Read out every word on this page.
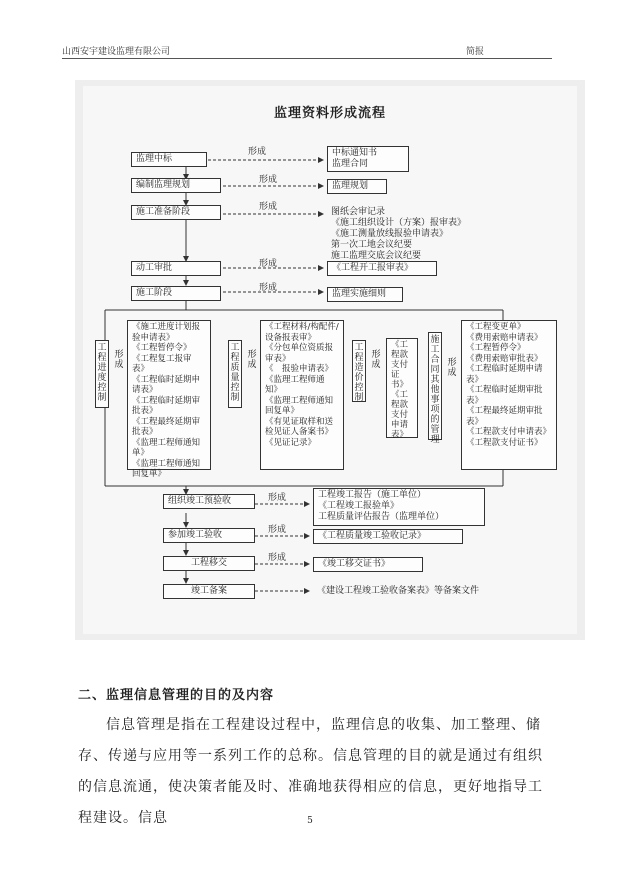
山西安宇建设监理有限公司	简报
监理资料形成流程
监理中标
形成	中标通知书
监理合同
编制监理规划	形成
监理规划
施工准备阶段	形成	图纸会审记录
《施工组织设计（方案）报审表》
《施工测量放线报验申请表》
第一次工地会议纪要
施工监理交底会议纪要
动工审批	形成	《工程开工报审表》
施工阶段	形成
监理实施细则
工程进度控制
形成
《施工进度计划报验申请表》
《工程暂停令》
《工程复工报审表》
《工程临时延期申请表》
《工程临时延期审批表》
《工程最终延期审批表》
《监理工程师通知单》
《监理工程师通知回复单》
工程质量控制
形成
《工程材料/构配件/设备报表审》
《分包单位资质报审表》
《　报验申请表》
《监理工程师通知》
《监理工程师通知回复单》
《有见证取样和送检见证人备案书》
《见证记录》
工程造价控制
形成
《工程款支付证书》
《工程款支付申请表》
施工合同其他事项的管理
形成
《工程变更单》
《费用索赔申请表》
《工程暂停令》
《费用索赔审批表》
《工程临时延期申请表》
《工程临时延期审批表》
《工程最终延期审批表》
《工程款支付申请表》
《工程款支付证书》
组织竣工预验收	形成	工程竣工报告（施工单位）
《工程竣工报验单》
工程质量评估报告（监理单位）
参加竣工验收	形成
《工程质量竣工验收记录》
工程移交	形成
《竣工移交证书》
竣工备案	《建设工程竣工验收备案表》等备案文件
二、监理信息管理的目的及内容
信息管理是指在工程建设过程中，监理信息的收集、加工整理、储存、传递与应用等一系列工作的总称。信息管理的目的就是通过有组织的信息流通，使决策者能及时、准确地获得相应的信息，更好地指导工程建设。信息	5
